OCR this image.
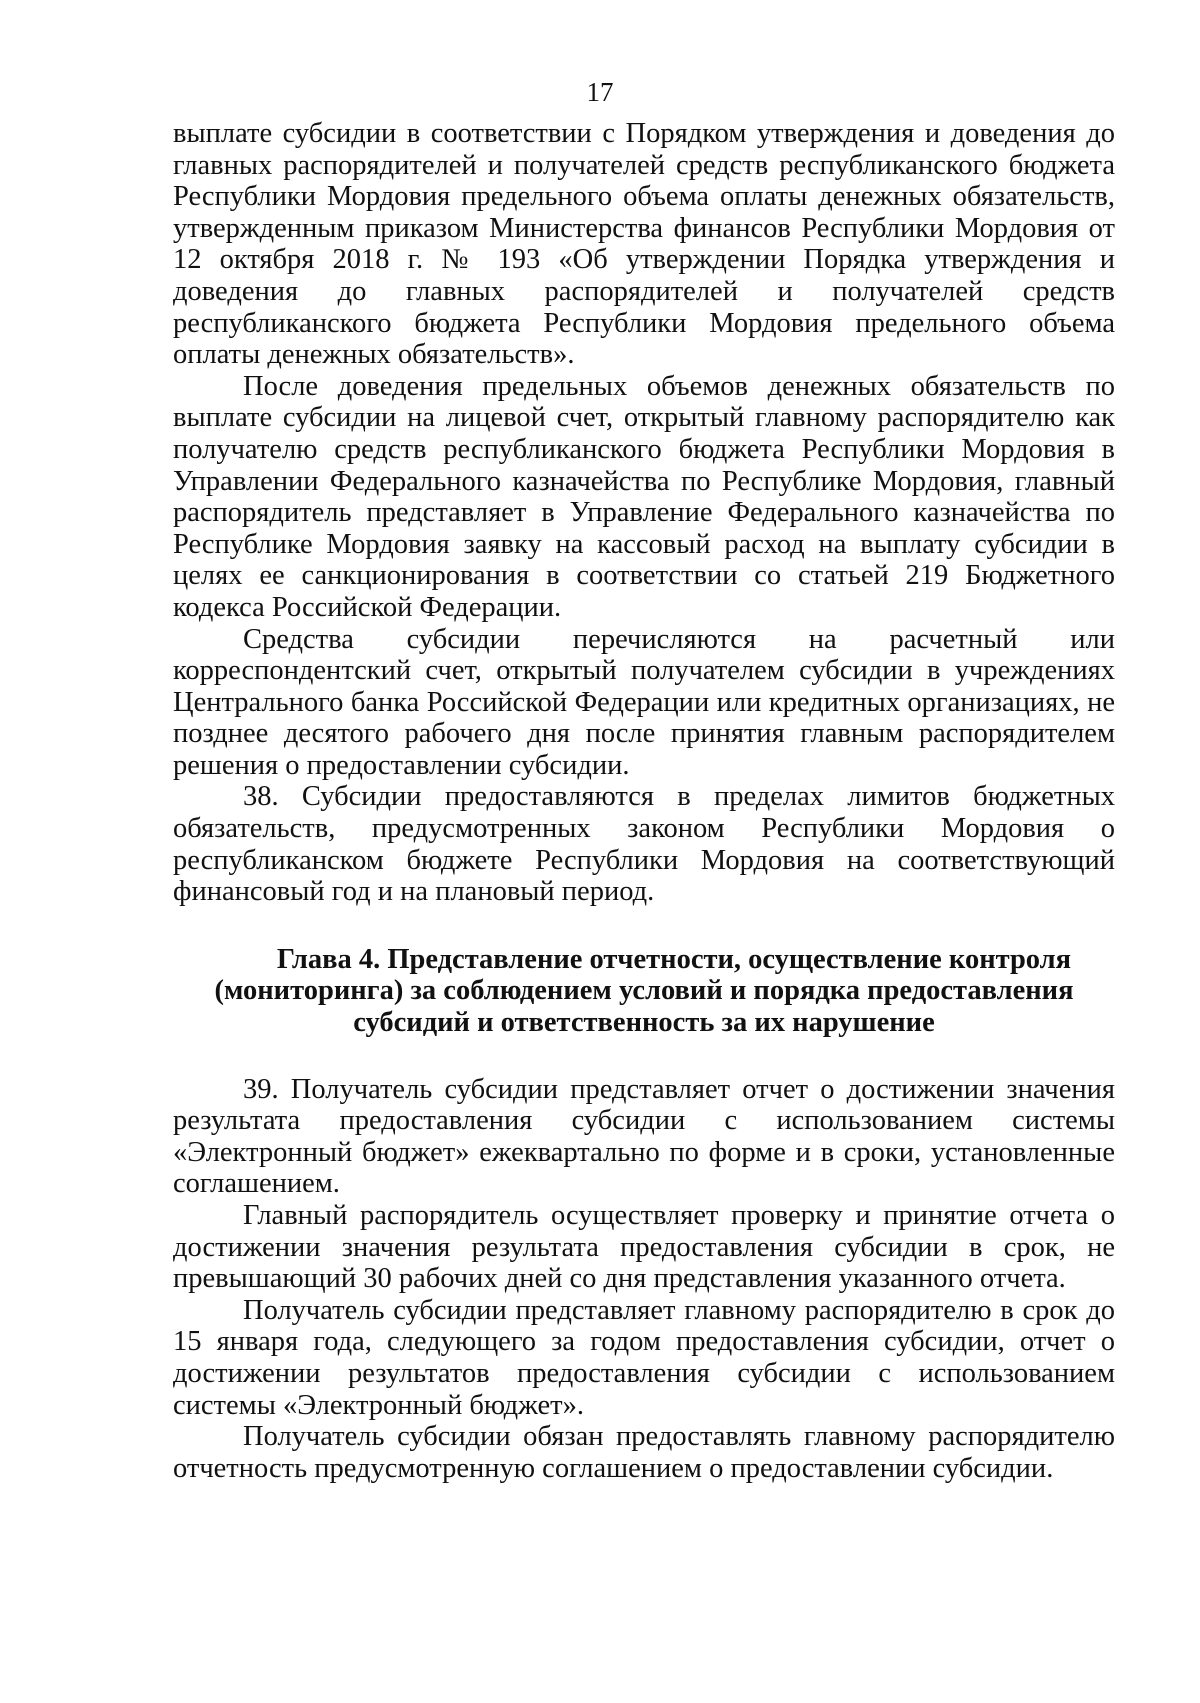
17

выплате субсидии в соответствии с Порядком утверждения и доведения до главных распорядителей и получателей средств республиканского бюджета Республики Мордовия предельного объема оплаты денежных обязательств, утвержденным приказом Министерства финансов Республики Мордовия от 12 октября 2018 г. № 193 «Об утверждении Порядка утверждения и доведения до главных распорядителей и получателей средств республиканского бюджета Республики Мордовия предельного объема оплаты денежных обязательств».

После доведения предельных объемов денежных обязательств по выплате субсидии на лицевой счет, открытый главному распорядителю как получателю средств республиканского бюджета Республики Мордовия в Управлении Федерального казначейства по Республике Мордовия, главный распорядитель представляет в Управление Федерального казначейства по Республике Мордовия заявку на кассовый расход на выплату субсидии в целях ее санкционирования в соответствии со статьей 219 Бюджетного кодекса Российской Федерации.

Средства субсидии перечисляются на расчетный или корреспондентский счет, открытый получателем субсидии в учреждениях Центрального банка Российской Федерации или кредитных организациях, не позднее десятого рабочего дня после принятия главным распорядителем решения о предоставлении субсидии.

38. Субсидии предоставляются в пределах лимитов бюджетных обязательств, предусмотренных законом Республики Мордовия о республиканском бюджете Республики Мордовия на соответствующий финансовый год и на плановый период.

Глава 4. Представление отчетности, осуществление контроля
(мониторинга) за соблюдением условий и порядка предоставления
субсидий и ответственность за их нарушение

39. Получатель субсидии представляет отчет о достижении значения результата предоставления субсидии с использованием системы «Электронный бюджет» ежеквартально по форме и в сроки, установленные соглашением.

Главный распорядитель осуществляет проверку и принятие отчета о достижении значения результата предоставления субсидии в срок, не превышающий 30 рабочих дней со дня представления указанного отчета.

Получатель субсидии представляет главному распорядителю в срок до 15 января года, следующего за годом предоставления субсидии, отчет о достижении результатов предоставления субсидии с использованием системы «Электронный бюджет».

Получатель субсидии обязан предоставлять главному распорядителю отчетность предусмотренную соглашением о предоставлении субсидии.
